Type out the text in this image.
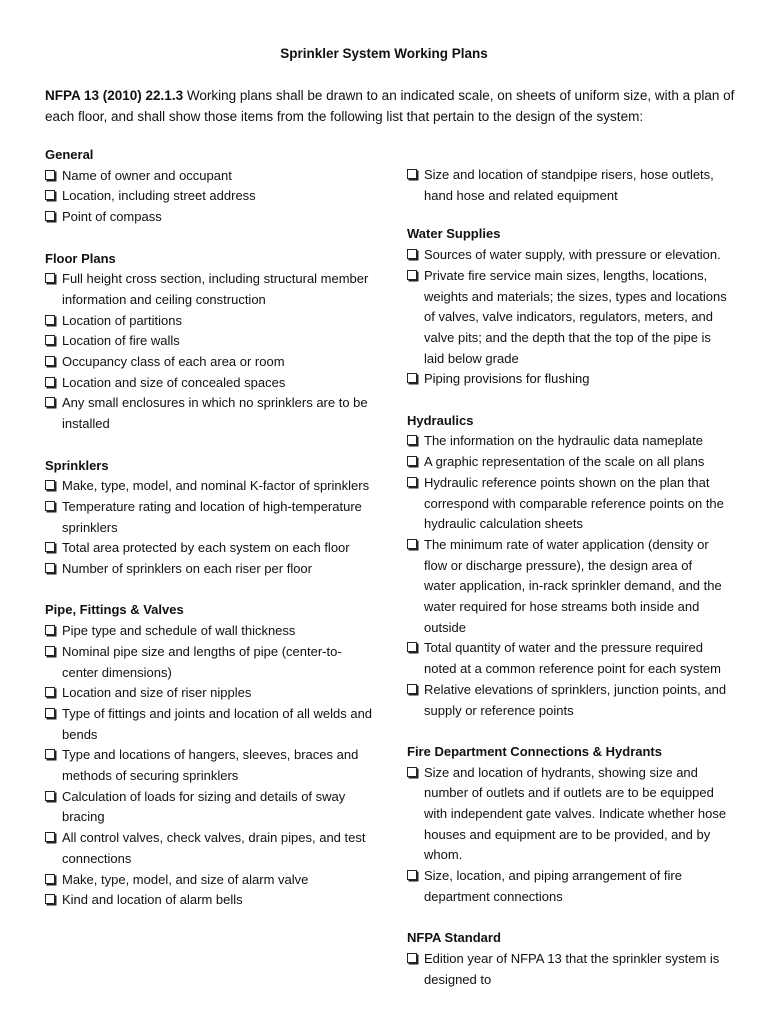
Sprinkler System Working Plans
NFPA 13 (2010) 22.1.3 Working plans shall be drawn to an indicated scale, on sheets of uniform size, with a plan of each floor, and shall show those items from the following list that pertain to the design of the system:
General
Name of owner and occupant
Location, including street address
Point of compass
Floor Plans
Full height cross section, including structural member information and ceiling construction
Location of partitions
Location of fire walls
Occupancy class of each area or room
Location and size of concealed spaces
Any small enclosures in which no sprinklers are to be installed
Sprinklers
Make, type, model, and nominal K-factor of sprinklers
Temperature rating and location of high-temperature sprinklers
Total area protected by each system on each floor
Number of sprinklers on each riser per floor
Pipe, Fittings & Valves
Pipe type and schedule of wall thickness
Nominal pipe size and lengths of pipe (center-to-center dimensions)
Location and size of riser nipples
Type of fittings and joints and location of all welds and bends
Type and locations of hangers, sleeves, braces and methods of securing sprinklers
Calculation of loads for sizing and details of sway bracing
All control valves, check valves, drain pipes, and test connections
Make, type, model, and size of alarm valve
Kind and location of alarm bells
Size and location of standpipe risers, hose outlets, hand hose and related equipment
Water Supplies
Sources of water supply, with pressure or elevation.
Private fire service main sizes, lengths, locations, weights and materials; the sizes, types and locations of valves, valve indicators, regulators, meters, and valve pits; and the depth that the top of the pipe is laid below grade
Piping provisions for flushing
Hydraulics
The information on the hydraulic data nameplate
A graphic representation of the scale on all plans
Hydraulic reference points shown on the plan that correspond with comparable reference points on the hydraulic calculation sheets
The minimum rate of water application (density or flow or discharge pressure), the design area of water application, in-rack sprinkler demand, and the water required for hose streams both inside and outside
Total quantity of water and the pressure required noted at a common reference point for each system
Relative elevations of sprinklers, junction points, and supply or reference points
Fire Department Connections & Hydrants
Size and location of hydrants, showing size and number of outlets and if outlets are to be equipped with independent gate valves. Indicate whether hose houses and equipment are to be provided, and by whom.
Size, location, and piping arrangement of fire department connections
NFPA Standard
Edition year of NFPA 13 that the sprinkler system is designed to
